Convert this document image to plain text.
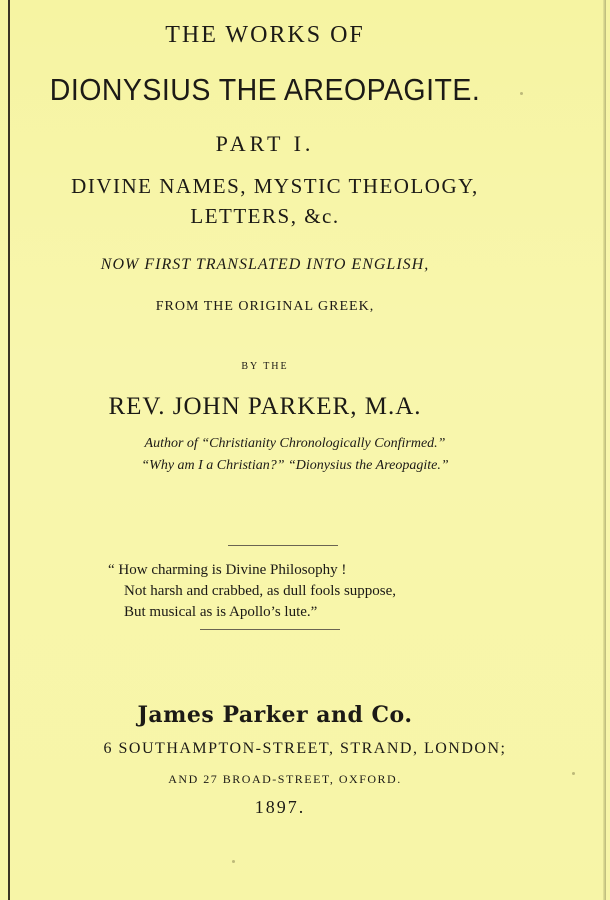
THE WORKS OF
DIONYSIUS THE AREOPAGITE.
PART I.
DIVINE NAMES, MYSTIC THEOLOGY,
LETTERS, &c.
NOW FIRST TRANSLATED INTO ENGLISH,
FROM THE ORIGINAL GREEK,
BY THE
REV. JOHN PARKER, M.A.
Author of “Christianity Chronologically Confirmed.”
“Why am I a Christian?” “Dionysius the Areopagite.”
“ How charming is Divine Philosophy !
Not harsh and crabbed, as dull fools suppose,
But musical as is Apollo’s lute.”
James Parker and Co.
6 SOUTHAMPTON-STREET, STRAND, LONDON;
AND 27 BROAD-STREET, OXFORD.
1897.
